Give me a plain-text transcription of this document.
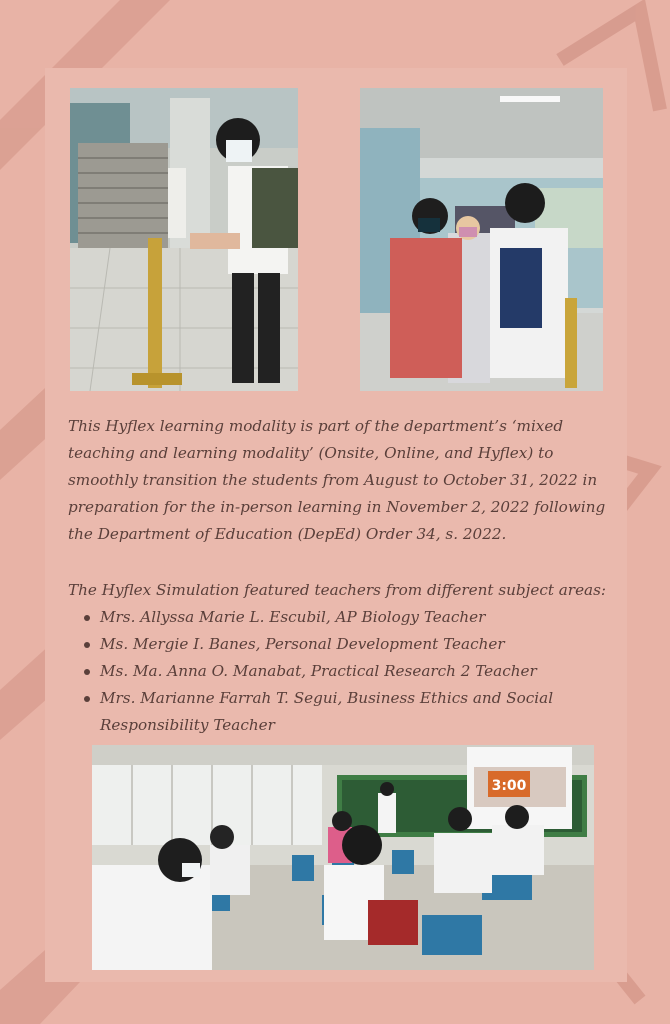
This Hyflex learning modality is part of the department’s ‘mixed teaching and learning modality’ (Onsite, Online, and Hyflex) to smoothly transition the students from August to October 31, 2022 in preparation for the in-person learning in November 2, 2022 following the Department of Education (DepEd) Order 34, s. 2022.
The Hyflex Simulation featured teachers from different subject areas:
Mrs. Allyssa Marie L. Escubil, AP Biology Teacher
Ms. Mergie I. Banes, Personal Development Teacher
Ms. Ma. Anna O. Manabat, Practical Research 2 Teacher
Mrs. Marianne Farrah T. Segui, Business Ethics and Social Responsibility Teacher
3:00
